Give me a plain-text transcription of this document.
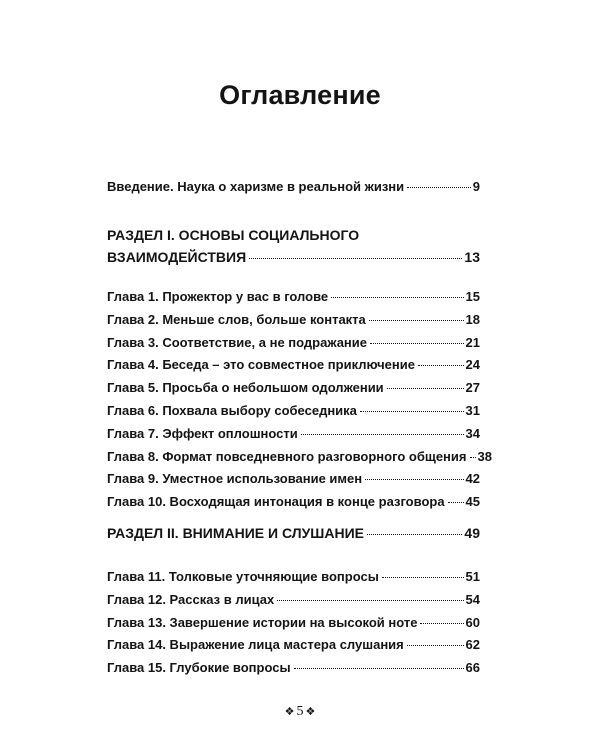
Оглавление
Введение. Наука о харизме в реальной жизни	9
РАЗДЕЛ I. ОСНОВЫ СОЦИАЛЬНОГО
ВЗАИМОДЕЙСТВИЯ	13
Глава 1. Прожектор у вас в голове	15
Глава 2. Меньше слов, больше контакта	18
Глава 3. Соответствие, а не подражание	21
Глава 4. Беседа – это совместное приключение	24
Глава 5. Просьба о небольшом одолжении	27
Глава 6. Похвала выбору собеседника	31
Глава 7. Эффект оплошности	34
Глава 8. Формат повседневного разговорного общения 38
Глава 9. Уместное использование имен	42
Глава 10. Восходящая интонация в конце разговора 45
РАЗДЕЛ II. ВНИМАНИЕ И СЛУШАНИЕ	49
Глава 11. Толковые уточняющие вопросы	51
Глава 12. Рассказ в лицах	54
Глава 13. Завершение истории на высокой ноте	60
Глава 14. Выражение лица мастера слушания	62
Глава 15. Глубокие вопросы	66
❖ 5 ❖
